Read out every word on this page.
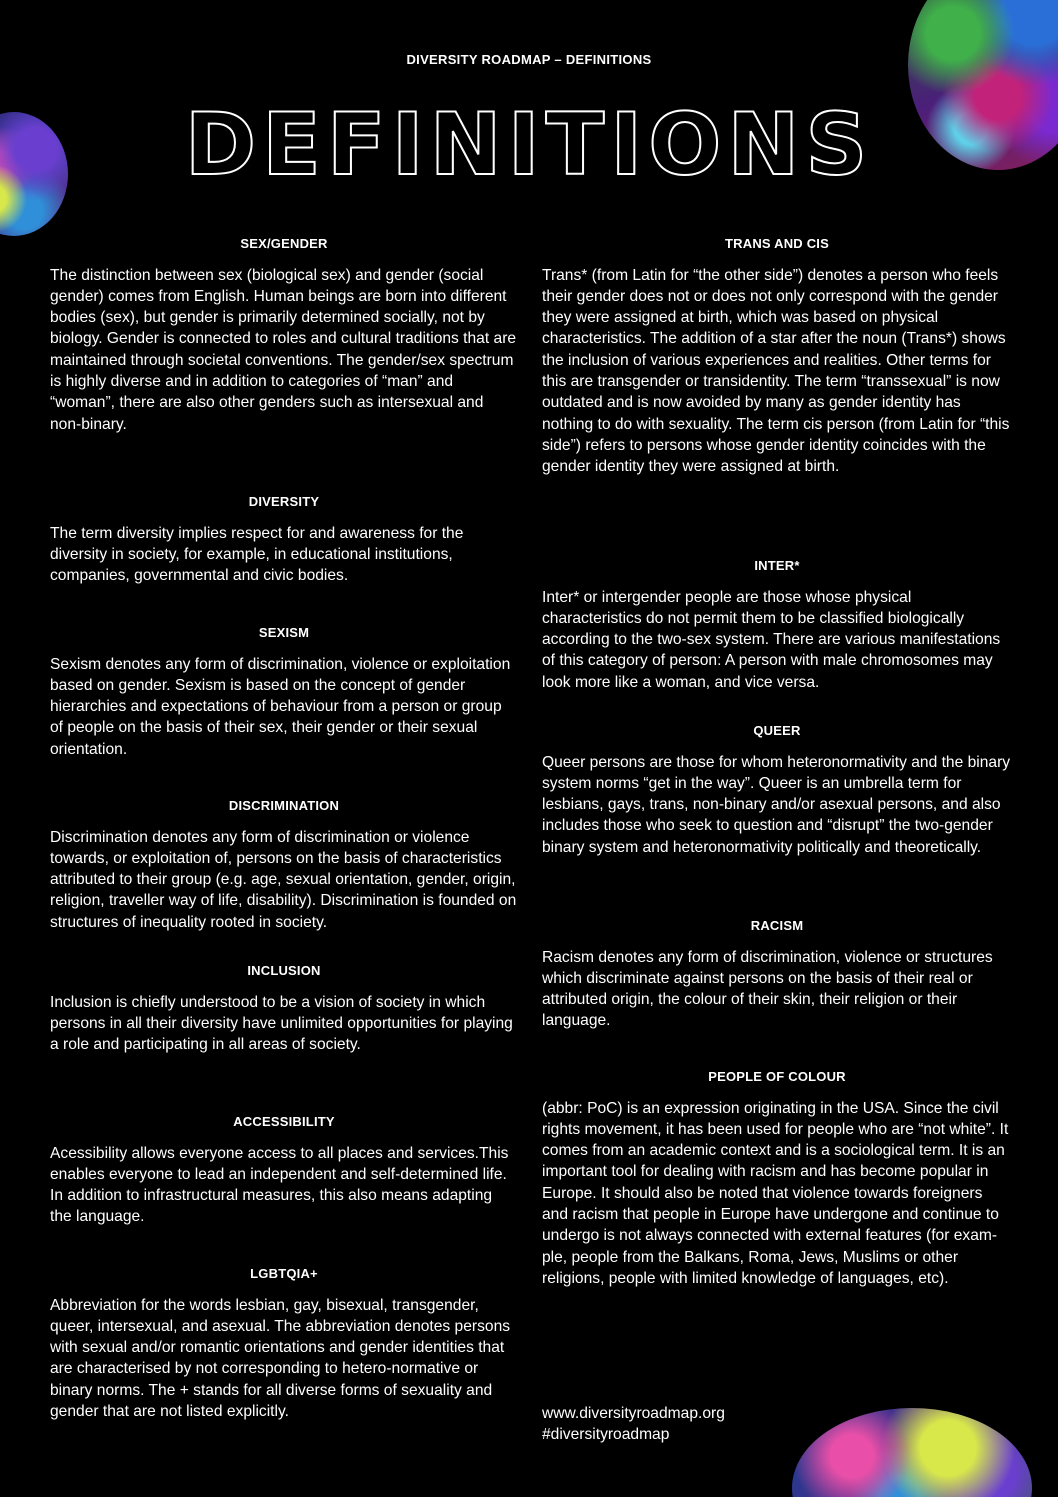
DIVERSITY ROADMAP – DEFINITIONS
DEFINITIONS
SEX/GENDER

The distinction between sex (biological sex) and gender (social gender) comes from English. Human beings are born into different bodies (sex), but gender is primarily determined socially, not by biology. Gender is connected to roles and cultural traditions that are maintained through societal conventions. The gender/sex spectrum is highly diverse and in addition to categories of “man” and “woman”, there are also other genders such as intersexual and non-binary.

DIVERSITY

The term diversity implies respect for and awareness for the diversity in society, for example, in educational institutions, companies, governmental and civic bodies.

SEXISM

Sexism denotes any form of discrimination, violence or exploitation based on gender. Sexism is based on the concept of gender hierarchies and expectations of behaviour from a person or group of people on the basis of their sex, their gender or their sexual orientation.

DISCRIMINATION

Discrimination denotes any form of discrimination or violence towards, or exploitation of, persons on the basis of characteristics attributed to their group (e.g. age, sexual orientation, gender, origin, religion, traveller way of life, disability). Discrimination is founded on structures of inequality rooted in society.

INCLUSION

Inclusion is chiefly understood to be a vision of society in which persons in all their diversity have unlimited opportunities for playing a role and participating in all areas of society.

ACCESSIBILITY

Acessibility allows everyone access to all places and services.This enables everyone to lead an independent and self-determined life. In addition to infrastructural measures, this also means adapting the language.

LGBTQIA+

Abbreviation for the words lesbian, gay, bisexual, transgender, queer, intersexual, and asexual. The abbreviation denotes persons with sexual and/or romantic orientations and gender identities that are characterised by not corresponding to hetero-normative or binary norms. The + stands for all diverse forms of sexuality and gender that are not listed explicitly.

TRANS AND CIS

Trans* (from Latin for “the other side”) denotes a person who feels their gender does not or does not only correspond with the gender they were assigned at birth, which was based on physical characteristics. The addition of a star after the noun (Trans*) shows the inclusion of various experiences and realities. Other terms for this are transgender or transidentity. The term “transsexual” is now outdated and is now avoided by many as gender identity has nothing to do with sexuality. The term cis person (from Latin for “this side”) refers to persons whose gender identity coincides with the gender identity they were assigned at birth.

INTER*

Inter* or intergender people are those whose physical characteristics do not permit them to be classified biologically according to the two-sex system. There are various manifestations of this category of person: A person with male chromosomes may look more like a woman, and vice versa.

QUEER

Queer persons are those for whom heteronormativity and the binary system norms “get in the way”. Queer is an umbrella term for lesbians, gays, trans, non-binary and/or asexual persons, and also includes those who seek to question and “disrupt” the two-gender binary system and heteronormativity politically and theoretically.

RACISM

Racism denotes any form of discrimination, violence or structures which discriminate against persons on the basis of their real or attributed origin, the colour of their skin, their religion or their language.

PEOPLE OF COLOUR

(abbr: PoC) is an expression originating in the USA. Since the civil rights movement, it has been used for people who are “not white”. It comes from an academic context and is a sociological term. It is an important tool for dealing with racism and has become popular in Europe. It should also be noted that violence towards foreigners and racism that people in Europe have undergone and continue to undergo is not always connected with external features (for example, people from the Balkans, Roma, Jews, Muslims or other religions, people with limited knowledge of languages, etc).

www.diversityroadmap.org
#diversityroadmap
